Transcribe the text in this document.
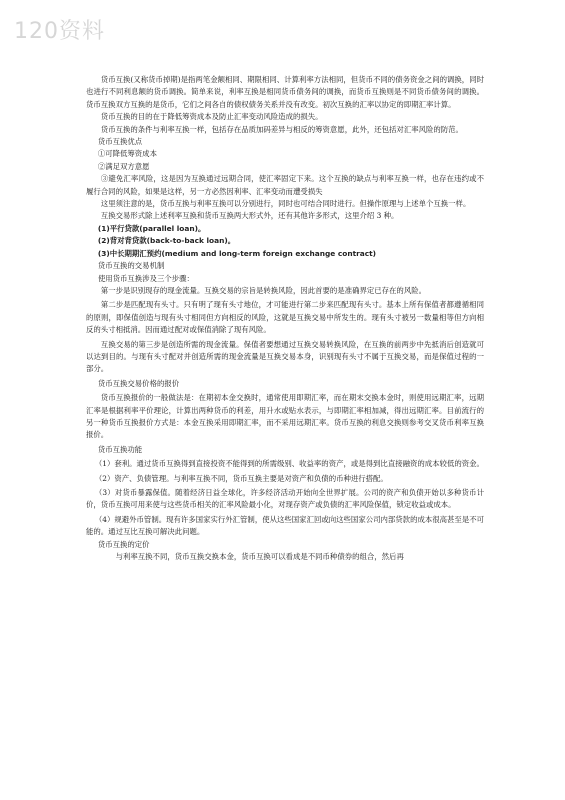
120资料

货币互换(又称货币掉期)是指两笔金额相同、期限相同、计算利率方法相同，但货币不同的债务资金之间的调换，同时也进行不同利息额的货币调换。简单来说，利率互换是相同货币债务间的调换，而货币互换则是不同货币债务间的调换。货币互换双方互换的是货币，它们之间各自的债权债务关系并没有改变。初次互换的汇率以协定的即期汇率计算。

货币互换的目的在于降低筹资成本及防止汇率变动风险造成的损失。

货币互换的条件与利率互换一样，包括存在品质加码差异与相反的筹资意愿，此外，还包括对汇率风险的防范。

货币互换优点

①可降低筹资成本

②满足双方意愿

③避免汇率风险，这是因为互换通过远期合同，使汇率固定下来。这个互换的缺点与利率互换一样，也存在违约或不履行合同的风险，如果是这样，另一方必然因利率、汇率变动而遭受损失

这里须注意的是，货币互换与利率互换可以分别进行，同时也可结合同时进行。但操作原理与上述单个互换一样。

互换交易形式除上述利率互换和货币互换两大形式外，还有其他许多形式，这里介绍 3 种。

(1)平行贷款(parallel loan)。

(2)背对背贷款(back-to-back loan)。

(3)中长期期汇预约(medium and long-term foreign exchange contract)

货币互换的交易机制

使用货币互换涉及三个步骤：

第一步是识别现存的现金流量。互换交易的宗旨是转换风险，因此首要的是准确界定已存在的风险。

第二步是匹配现有头寸。只有明了现有头寸地位，才可能进行第二步来匹配现有头寸。基本上所有保值者都遵循相同的原则，即保值创造与现有头寸相同但方向相反的风险，这就是互换交易中所发生的。现有头寸被另一数量相等但方向相反的头寸相抵消。因而通过配对或保值消除了现有风险。

互换交易的第三步是创造所需的现金流量。保值者要想通过互换交易转换风险，在互换的前两步中先抵消后创造就可以达到目的。与现有头寸配对并创造所需的现金流量是互换交易本身，识别现有头寸不属于互换交易，而是保值过程的一部分。

货币互换交易价格的报价

货币互换报价的一般做法是：在期初本金交换时，通常使用即期汇率，而在期末交换本金时，则使用远期汇率，远期汇率是根据利率平价理论，计算出两种货币的利差，用升水或贴水表示，与即期汇率相加减，得出远期汇率。目前流行的另一种货币互换报价方式是：本金互换采用即期汇率，而不采用远期汇率。货币互换的利息交换则参考交叉货币利率互换报价。

货币互换功能

（1）套利。通过货币互换得到直接投资不能得到的所需级别、收益率的资产，或是得到比直接融资的成本较低的资金。

（2）资产、负债管理。与利率互换不同，货币互换主要是对资产和负债的币种进行搭配。

（3）对货币暴露保值。随着经济日益全球化，许多经济活动开始向全世界扩展。公司的资产和负债开始以多种货币计价，货币互换可用来使与这些货币相关的汇率风险最小化，对现存资产或负债的汇率风险保值，锁定收益或成本。

（4）规避外币管制。现有许多国家实行外汇管制，使从这些国家汇回或向这些国家公司内部贷款的成本很高甚至是不可能的。通过互比互换可解决此问题。

货币互换的定价

与利率互换不同，货币互换交换本金，货币互换可以看成是不同币种债券的组合，然后再
